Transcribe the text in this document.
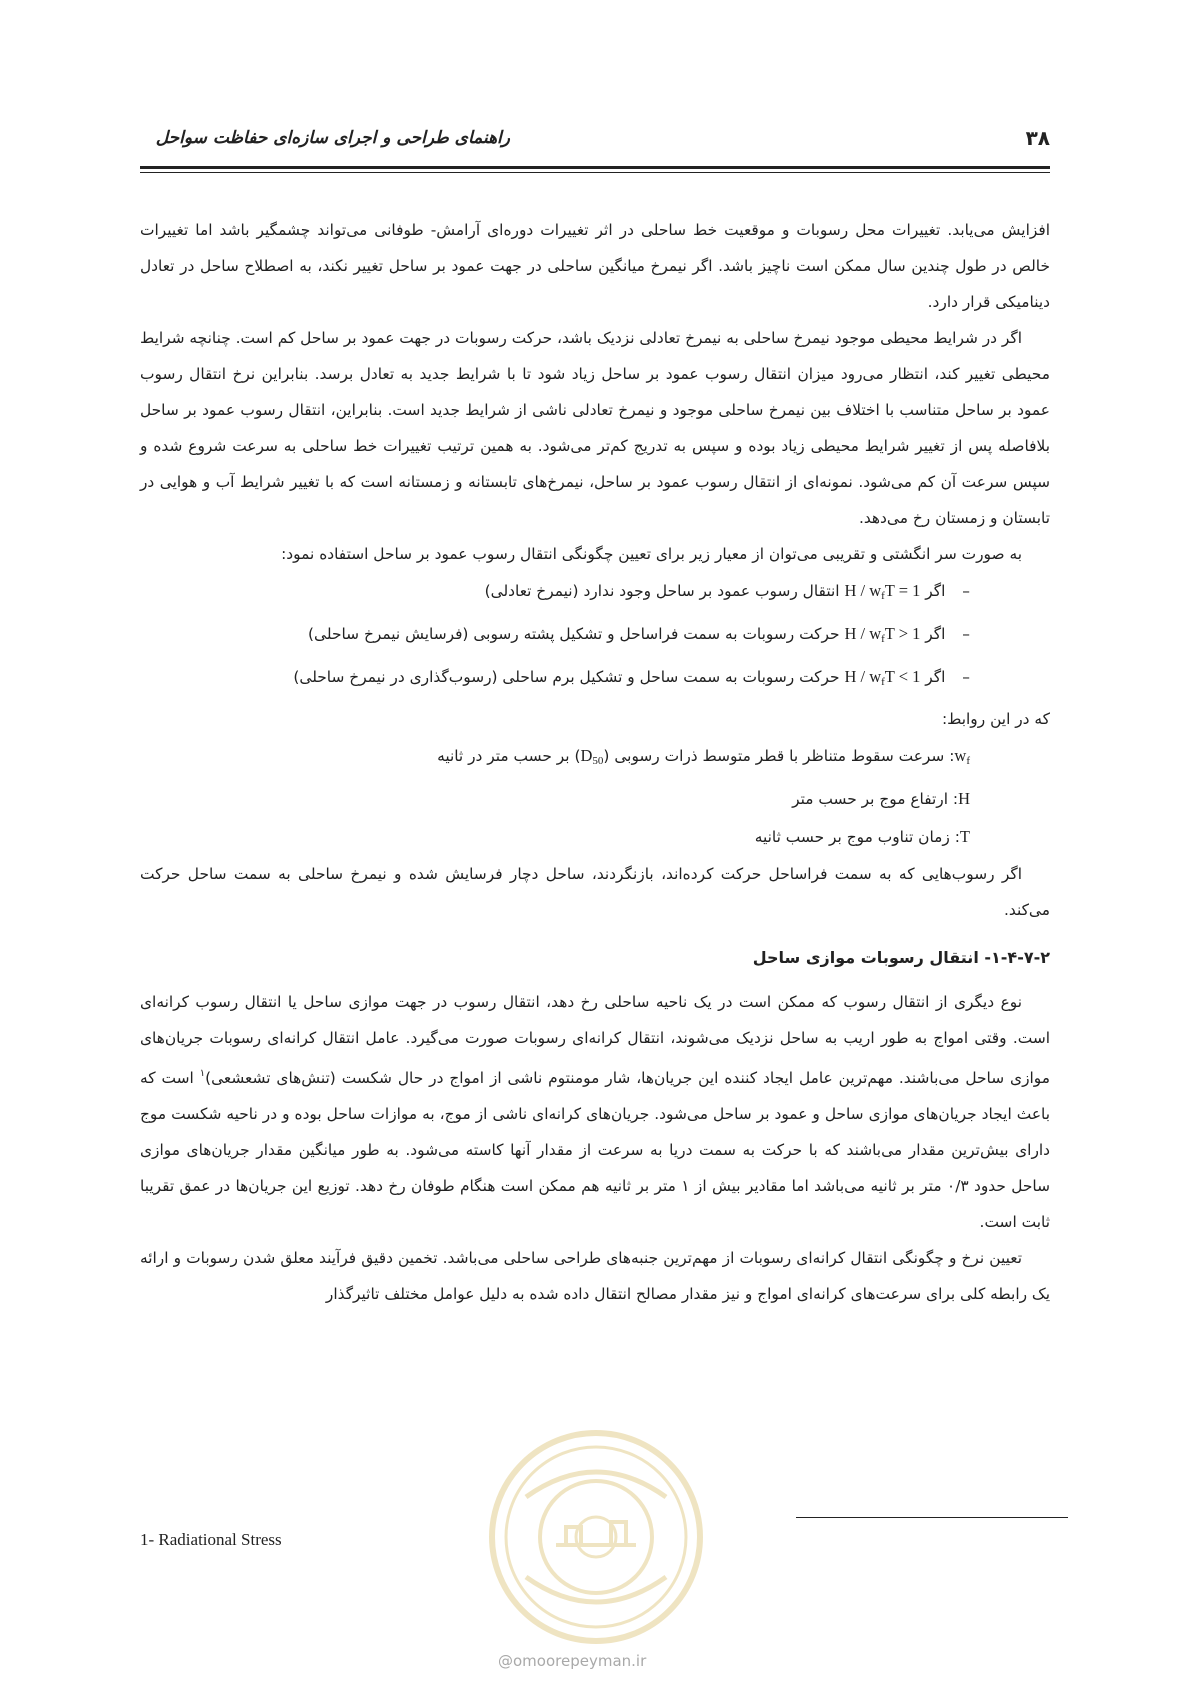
راهنمای طراحی و اجرای سازه‌ای حفاظت سواحل	۳۸

افزایش می‌یابد. تغییرات محل رسوبات و موقعیت خط ساحلی در اثر تغییرات دوره‌ای آرامش- طوفانی می‌تواند چشمگیر باشد اما تغییرات خالص در طول چندین سال ممکن است ناچیز باشد. اگر نیمرخ میانگین ساحلی در جهت عمود بر ساحل تغییر نکند، به اصطلاح ساحل در تعادل دینامیکی قرار دارد.

اگر در شرایط محیطی موجود نیمرخ ساحلی به نیمرخ تعادلی نزدیک باشد، حرکت رسوبات در جهت عمود بر ساحل کم است. چنانچه شرایط محیطی تغییر کند، انتظار می‌رود میزان انتقال رسوب عمود بر ساحل زیاد شود تا با شرایط جدید به تعادل برسد. بنابراین نرخ انتقال رسوب عمود بر ساحل متناسب با اختلاف بین نیمرخ ساحلی موجود و نیمرخ تعادلی ناشی از شرایط جدید است. بنابراین، انتقال رسوب عمود بر ساحل بلافاصله پس از تغییر شرایط محیطی زیاد بوده و سپس به تدریج کم‌تر می‌شود. به همین ترتیب تغییرات خط ساحلی به سرعت شروع شده و سپس سرعت آن کم می‌شود. نمونه‌ای از انتقال رسوب عمود بر ساحل، نیمرخ‌های تابستانه و زمستانه است که با تغییر شرایط آب و هوایی در تابستان و زمستان رخ می‌دهد.

به صورت سر انگشتی و تقریبی می‌توان از معیار زیر برای تعیین چگونگی انتقال رسوب عمود بر ساحل استفاده نمود:

– اگر $H / w_fT = 1$ انتقال رسوب عمود بر ساحل وجود ندارد (نیمرخ تعادلی)
– اگر $H / w_fT > 1$ حرکت رسوبات به سمت فراساحل و تشکیل پشته رسوبی (فرسایش نیمرخ ساحلی)
– اگر $H / w_fT < 1$ حرکت رسوبات به سمت ساحل و تشکیل برم ساحلی (رسوب‌گذاری در نیمرخ ساحلی)

که در این روابط:

$w_f$: سرعت سقوط متناظر با قطر متوسط ذرات رسوبی $(D_{50})$ بر حسب متر در ثانیه
H: ارتفاع موج بر حسب متر
T: زمان تناوب موج بر حسب ثانیه

اگر رسوب‌هایی که به سمت فراساحل حرکت کرده‌اند، بازنگردند، ساحل دچار فرسایش شده و نیمرخ ساحلی به سمت ساحل حرکت می‌کند.

۱-۴-۷-۲- انتقال رسوبات موازی ساحل

نوع دیگری از انتقال رسوب که ممکن است در یک ناحیه ساحلی رخ دهد، انتقال رسوب در جهت موازی ساحل یا انتقال رسوب کرانه‌ای است. وقتی امواج به طور اریب به ساحل نزدیک می‌شوند، انتقال کرانه‌ای رسوبات صورت می‌گیرد. عامل انتقال کرانه‌ای رسوبات جریان‌های موازی ساحل می‌باشند. مهم‌ترین عامل ایجاد کننده این جریان‌ها، شار مومنتوم ناشی از امواج در حال شکست (تنش‌های تشعشعی)$^۱$ است که باعث ایجاد جریان‌های موازی ساحل و عمود بر ساحل می‌شود. جریان‌های کرانه‌ای ناشی از موج، به موازات ساحل بوده و در ناحیه شکست موج دارای بیش‌ترین مقدار می‌باشند که با حرکت به سمت دریا به سرعت از مقدار آنها کاسته می‌شود. به طور میانگین مقدار جریان‌های موازی ساحل حدود ۰/۳ متر بر ثانیه می‌باشد اما مقادیر بیش از ۱ متر بر ثانیه هم ممکن است هنگام طوفان رخ دهد. توزیع این جریان‌ها در عمق تقریبا ثابت است.

تعیین نرخ و چگونگی انتقال کرانه‌ای رسوبات از مهم‌ترین جنبه‌های طراحی ساحلی می‌باشد. تخمین دقیق فرآیند معلق شدن رسوبات و ارائه یک رابطه کلی برای سرعت‌های کرانه‌ای امواج و نیز مقدار مصالح انتقال داده شده به دلیل عوامل مختلف تاثیرگذار

1- Radiational Stress
@omoorepeyman.ir
